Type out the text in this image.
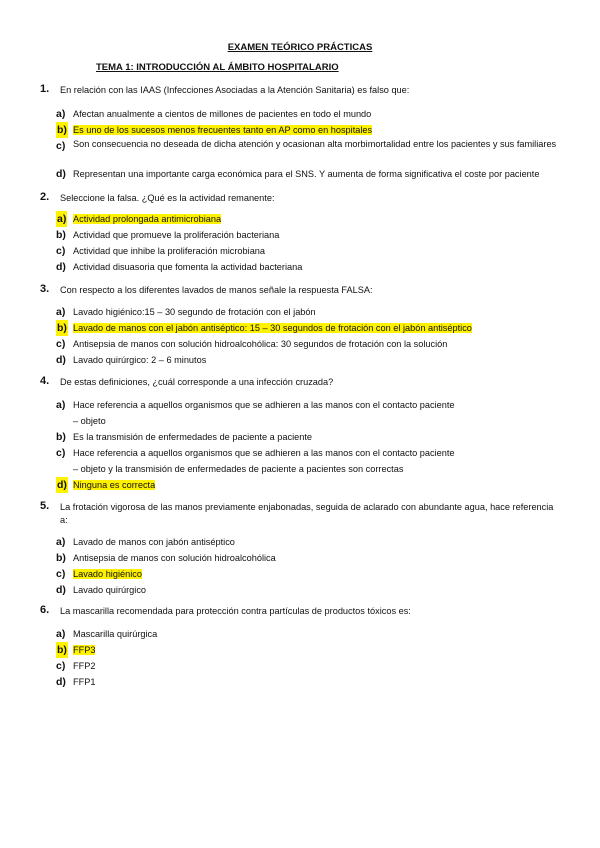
EXAMEN TEÓRICO PRÁCTICAS
TEMA 1: INTRODUCCIÓN AL ÁMBITO HOSPITALARIO
1. En relación con las IAAS (Infecciones Asociadas a la Atención Sanitaria) es falso que:
a) Afectan anualmente a cientos de millones de pacientes en todo el mundo
b) Es uno de los sucesos menos frecuentes tanto en AP como en hospitales
c) Son consecuencia no deseada de dicha atención y ocasionan alta morbimortalidad entre los pacientes y sus familiares
d) Representan una importante carga económica para el SNS. Y aumenta de forma significativa el coste por paciente
2. Seleccione la falsa. ¿Qué es la actividad remanente:
a) Actividad prolongada antimicrobiana
b) Actividad que promueve la proliferación bacteriana
c) Actividad que inhibe la proliferación microbiana
d) Actividad disuasoria que fomenta la actividad bacteriana
3. Con respecto a los diferentes lavados de manos señale la respuesta FALSA:
a) Lavado higiénico:15 – 30 segundo de frotación con el jabón
b) Lavado de manos con el jabón antiséptico: 15 – 30 segundos de frotación con el jabón antiséptico
c) Antisepsia de manos con solución hidroalcohólica: 30 segundos de frotación con la solución
d) Lavado quirúrgico: 2 – 6 minutos
4. De estas definiciones, ¿cuál corresponde a una infección cruzada?
a) Hace referencia a aquellos organismos que se adhieren a las manos con el contacto paciente
– objeto
b) Es la transmisión de enfermedades de paciente a paciente
c) Hace referencia a aquellos organismos que se adhieren a las manos con el contacto paciente
– objeto y la transmisión de enfermedades de paciente a pacientes son correctas
d) Ninguna es correcta
5. La frotación vigorosa de las manos previamente enjabonadas, seguida de aclarado con abundante agua, hace referencia a:
a) Lavado de manos con jabón antiséptico
b) Antisepsia de manos con solución hidroalcohólica
c) Lavado higiénico
d) Lavado quirúrgico
6. La mascarilla recomendada para protección contra partículas de productos tóxicos es:
a) Mascarilla quirúrgica
b) FFP3
c) FFP2
d) FFP1
